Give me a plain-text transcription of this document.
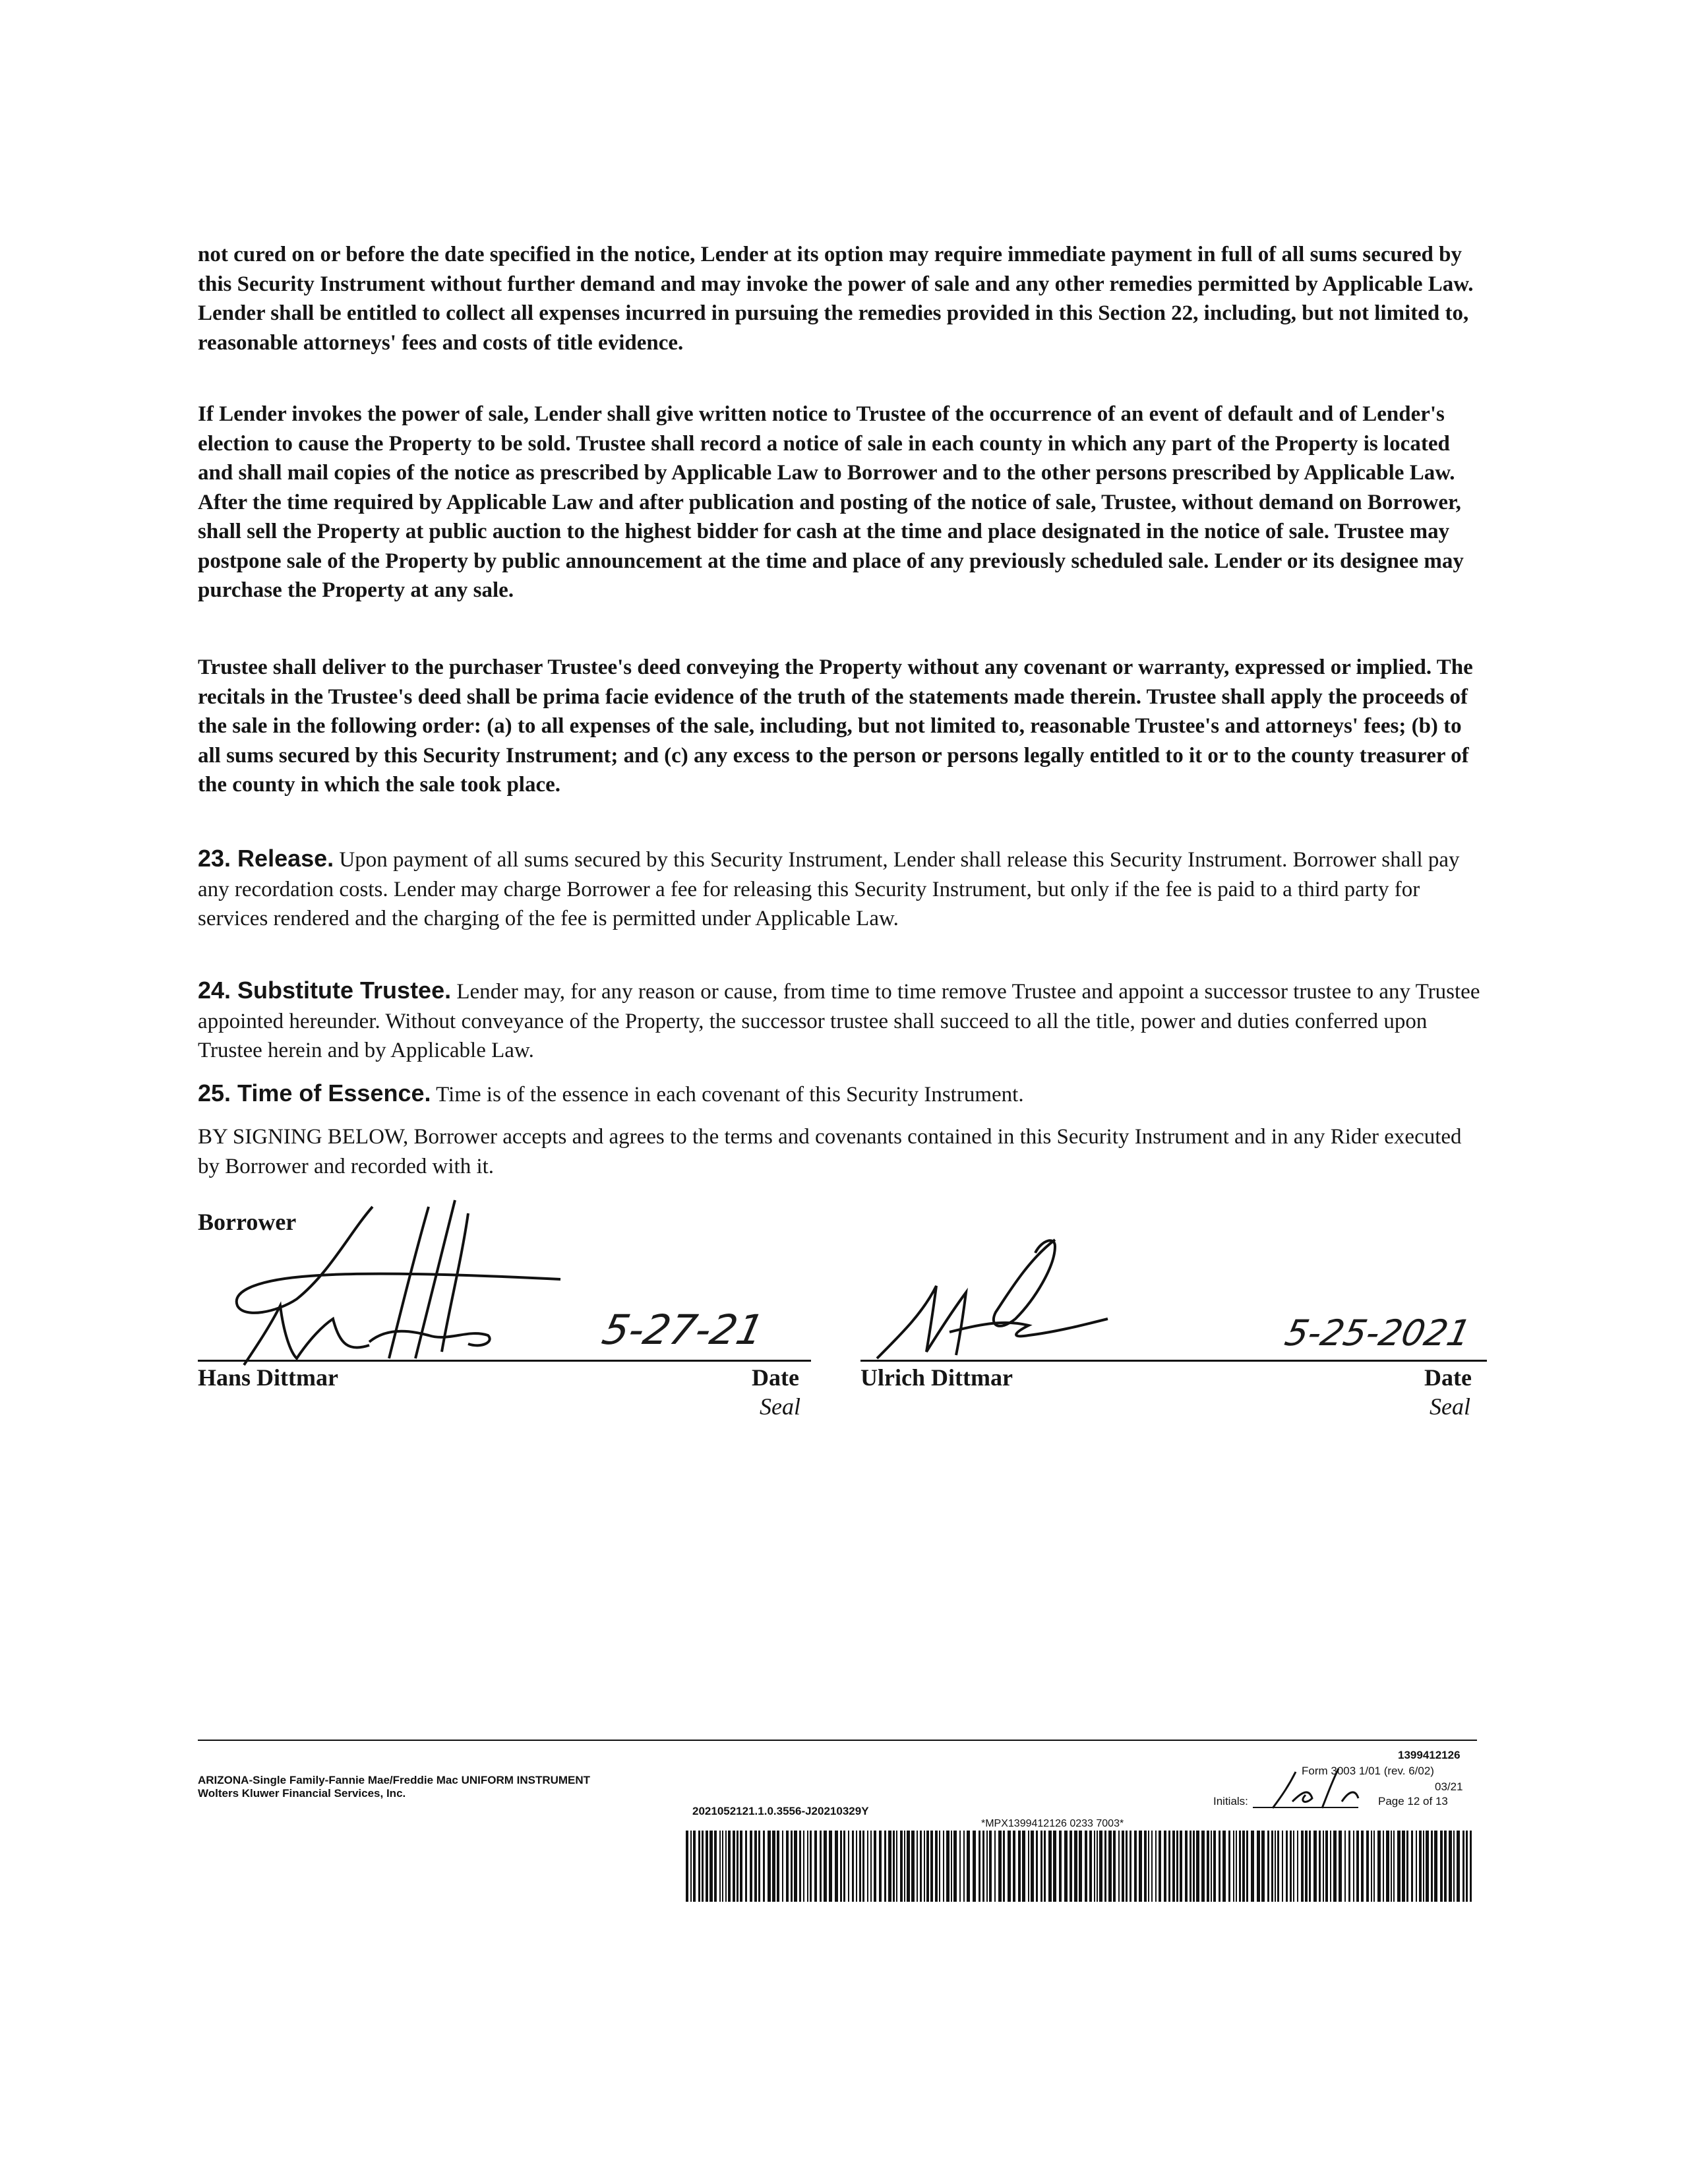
not cured on or before the date specified in the notice, Lender at its option may require immediate payment in full of all sums secured by this Security Instrument without further demand and may invoke the power of sale and any other remedies permitted by Applicable Law. Lender shall be entitled to collect all expenses incurred in pursuing the remedies provided in this Section 22, including, but not limited to, reasonable attorneys' fees and costs of title evidence.

If Lender invokes the power of sale, Lender shall give written notice to Trustee of the occurrence of an event of default and of Lender's election to cause the Property to be sold. Trustee shall record a notice of sale in each county in which any part of the Property is located and shall mail copies of the notice as prescribed by Applicable Law to Borrower and to the other persons prescribed by Applicable Law. After the time required by Applicable Law and after publication and posting of the notice of sale, Trustee, without demand on Borrower, shall sell the Property at public auction to the highest bidder for cash at the time and place designated in the notice of sale. Trustee may postpone sale of the Property by public announcement at the time and place of any previously scheduled sale. Lender or its designee may purchase the Property at any sale.

Trustee shall deliver to the purchaser Trustee's deed conveying the Property without any covenant or warranty, expressed or implied. The recitals in the Trustee's deed shall be prima facie evidence of the truth of the statements made therein. Trustee shall apply the proceeds of the sale in the following order: (a) to all expenses of the sale, including, but not limited to, reasonable Trustee's and attorneys' fees; (b) to all sums secured by this Security Instrument; and (c) any excess to the person or persons legally entitled to it or to the county treasurer of the county in which the sale took place.

23. Release. Upon payment of all sums secured by this Security Instrument, Lender shall release this Security Instrument. Borrower shall pay any recordation costs. Lender may charge Borrower a fee for releasing this Security Instrument, but only if the fee is paid to a third party for services rendered and the charging of the fee is permitted under Applicable Law.

24. Substitute Trustee. Lender may, for any reason or cause, from time to time remove Trustee and appoint a successor trustee to any Trustee appointed hereunder. Without conveyance of the Property, the successor trustee shall succeed to all the title, power and duties conferred upon Trustee herein and by Applicable Law.

25. Time of Essence. Time is of the essence in each covenant of this Security Instrument.

BY SIGNING BELOW, Borrower accepts and agrees to the terms and covenants contained in this Security Instrument and in any Rider executed by Borrower and recorded with it.

Borrower
5-27-21
Hans Dittmar	Date
Seal
5-25-2021
Ulrich Dittmar	Date
Seal
ARIZONA-Single Family-Fannie Mae/Freddie Mac UNIFORM INSTRUMENT
Wolters Kluwer Financial Services, Inc.
2021052121.1.0.3556-J20210329Y
1399412126
Form 3003 1/01 (rev. 6/02)
03/21
Initials:	Page 12 of 13
*MPX1399412126 0233 7003*
